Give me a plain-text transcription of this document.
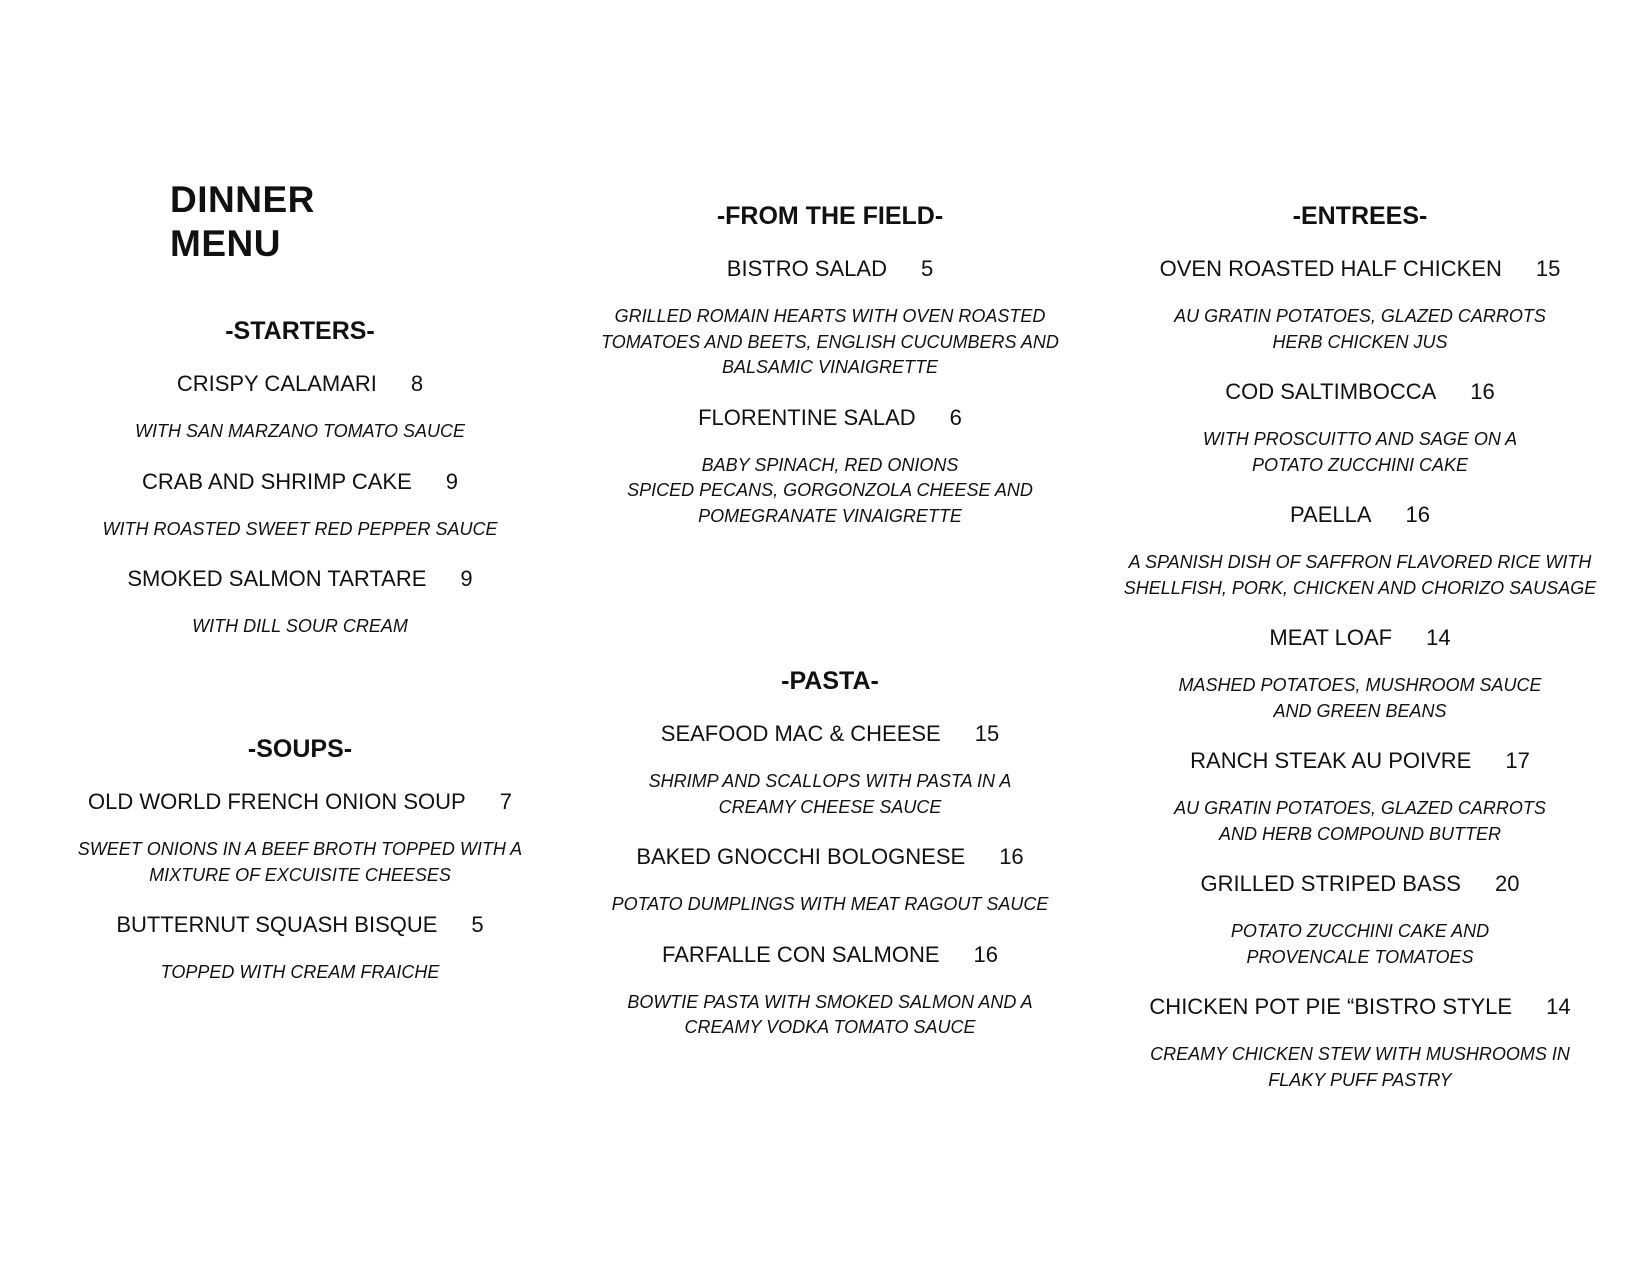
DINNER MENU
-STARTERS-
CRISPY CALAMARI 8
WITH SAN MARZANO TOMATO SAUCE
CRAB AND SHRIMP CAKE 9
WITH ROASTED SWEET RED PEPPER SAUCE
SMOKED SALMON TARTARE 9
WITH DILL SOUR CREAM
-SOUPS-
OLD WORLD FRENCH ONION SOUP 7
SWEET ONIONS IN A BEEF BROTH TOPPED WITH A
MIXTURE OF EXCUISITE CHEESES
BUTTERNUT SQUASH BISQUE 5
TOPPED WITH CREAM FRAICHE
-FROM THE FIELD-
BISTRO SALAD 5
GRILLED ROMAIN HEARTS WITH OVEN ROASTED
TOMATOES AND BEETS, ENGLISH CUCUMBERS AND
BALSAMIC VINAIGRETTE
FLORENTINE SALAD 6
BABY SPINACH, RED ONIONS
SPICED PECANS, GORGONZOLA CHEESE AND
POMEGRANATE VINAIGRETTE
-PASTA-
SEAFOOD MAC & CHEESE 15
SHRIMP AND SCALLOPS WITH PASTA IN A
CREAMY CHEESE SAUCE
BAKED GNOCCHI BOLOGNESE 16
POTATO DUMPLINGS WITH MEAT RAGOUT SAUCE
FARFALLE CON SALMONE 16
BOWTIE PASTA WITH SMOKED SALMON AND A
CREAMY VODKA TOMATO SAUCE
-ENTREES-
OVEN ROASTED HALF CHICKEN 15
AU GRATIN POTATOES, GLAZED CARROTS
HERB CHICKEN JUS
COD SALTIMBOCCA 16
WITH PROSCUITTO AND SAGE ON A
POTATO ZUCCHINI CAKE
PAELLA 16
A SPANISH DISH OF SAFFRON FLAVORED RICE WITH
SHELLFISH, PORK, CHICKEN AND CHORIZO SAUSAGE
MEAT LOAF 14
MASHED POTATOES, MUSHROOM SAUCE
AND GREEN BEANS
RANCH STEAK AU POIVRE 17
AU GRATIN POTATOES, GLAZED CARROTS
AND HERB COMPOUND BUTTER
GRILLED STRIPED BASS 20
POTATO ZUCCHINI CAKE AND
PROVENCALE TOMATOES
CHICKEN POT PIE “BISTRO STYLE 14
CREAMY CHICKEN STEW WITH MUSHROOMS IN
FLAKY PUFF PASTRY
